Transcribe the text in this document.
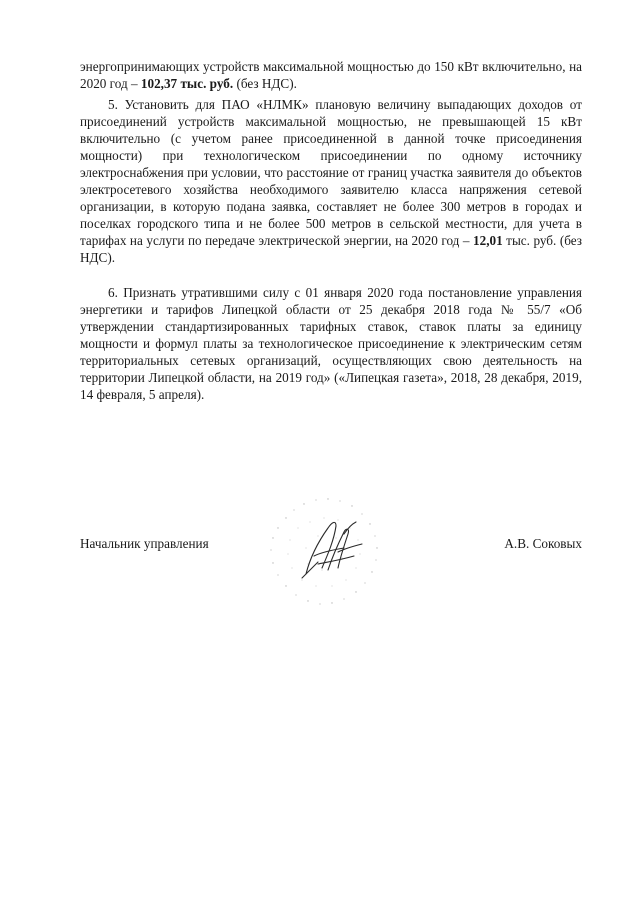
энергопринимающих устройств максимальной мощностью до 150 кВт включительно, на 2020 год – 102,37 тыс. руб. (без НДС).

5. Установить для ПАО «НЛМК» плановую величину выпадающих доходов от присоединений устройств максимальной мощностью, не превышающей 15 кВт включительно (с учетом ранее присоединенной в данной точке присоединения мощности) при технологическом присоединении по одному источнику электроснабжения при условии, что расстояние от границ участка заявителя до объектов электросетевого хозяйства необходимого заявителю класса напряжения сетевой организации, в которую подана заявка, составляет не более 300 метров в городах и поселках городского типа и не более 500 метров в сельской местности, для учета в тарифах на услуги по передаче электрической энергии, на 2020 год – 12,01 тыс. руб. (без НДС).

6. Признать утратившими силу с 01 января 2020 года постановление управления энергетики и тарифов Липецкой области от 25 декабря 2018 года № 55/7 «Об утверждении стандартизированных тарифных ставок, ставок платы за единицу мощности и формул платы за технологическое присоединение к электрическим сетям территориальных сетевых организаций, осуществляющих свою деятельность на территории Липецкой области, на 2019 год» («Липецкая газета», 2018, 28 декабря, 2019, 14 февраля, 5 апреля).

Начальник управления	А.В. Соковых
